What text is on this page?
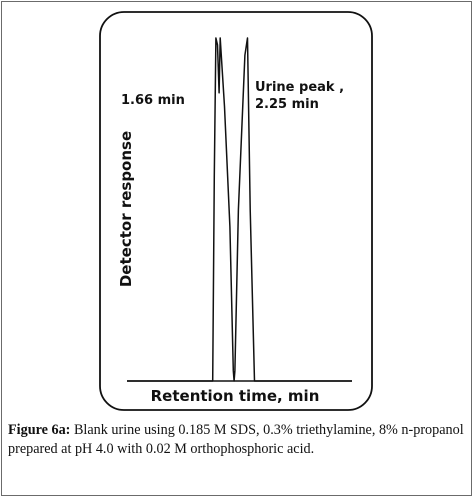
1.66 min
Urine peak ,
2.25 min
Detector response
Retention time, min
Figure 6a: Blank urine using 0.185 M SDS, 0.3% triethylamine, 8% n-propanol prepared at pH 4.0 with 0.02 M orthophosphoric acid.
